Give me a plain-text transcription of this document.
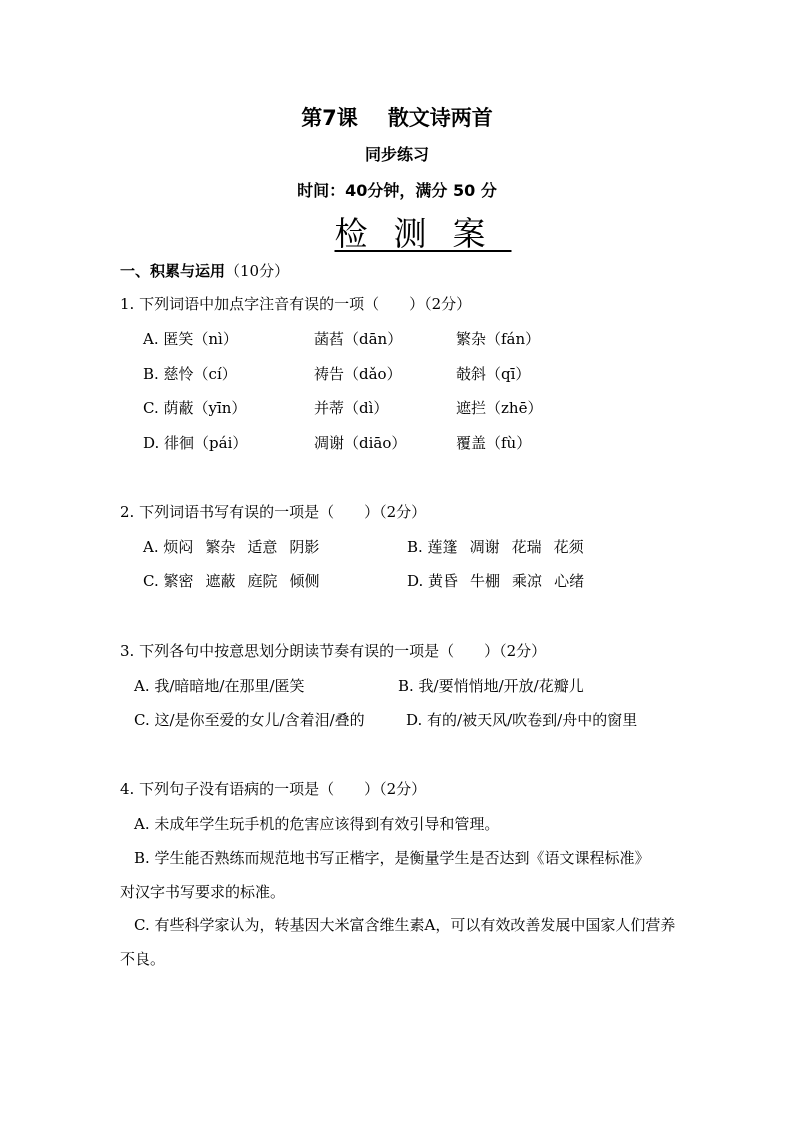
第7课 散文诗两首
同步练习
时间：40分钟，满分 50 分
检测案
一、积累与运用（10分）
1. 下列词语中加点字注音有误的一项（　　）（2分）
A. 匿笑（nì）	菡萏（dān）	繁杂（fán）
B. 慈怜（cí）	祷告（dǎo）	攲斜（qī）
C. 荫蔽（yīn）	并蒂（dì）	遮拦（zhē）
D. 徘徊（pái）	凋谢（diāo）	覆盖（fù）
2. 下列词语书写有误的一项是（　　）（2分）
A. 烦闷 繁杂 适意 阴影	B. 莲篷 凋谢 花瑞 花须
C. 繁密 遮蔽 庭院 倾侧	D. 黄昏 牛棚 乘凉 心绪
3. 下列各句中按意思划分朗读节奏有误的一项是（　　）（2分）
A. 我/暗暗地/在那里/匿笑	B. 我/要悄悄地/开放/花瓣儿
C. 这/是你至爱的女儿/含着泪/叠的	D. 有的/被天风/吹卷到/舟中的窗里
4. 下列句子没有语病的一项是（　　）（2分）
A. 未成年学生玩手机的危害应该得到有效引导和管理。
B. 学生能否熟练而规范地书写正楷字，是衡量学生是否达到《语文课程标准》
对汉字书写要求的标准。
C. 有些科学家认为，转基因大米富含维生素A，可以有效改善发展中国家人们营养
不良。
